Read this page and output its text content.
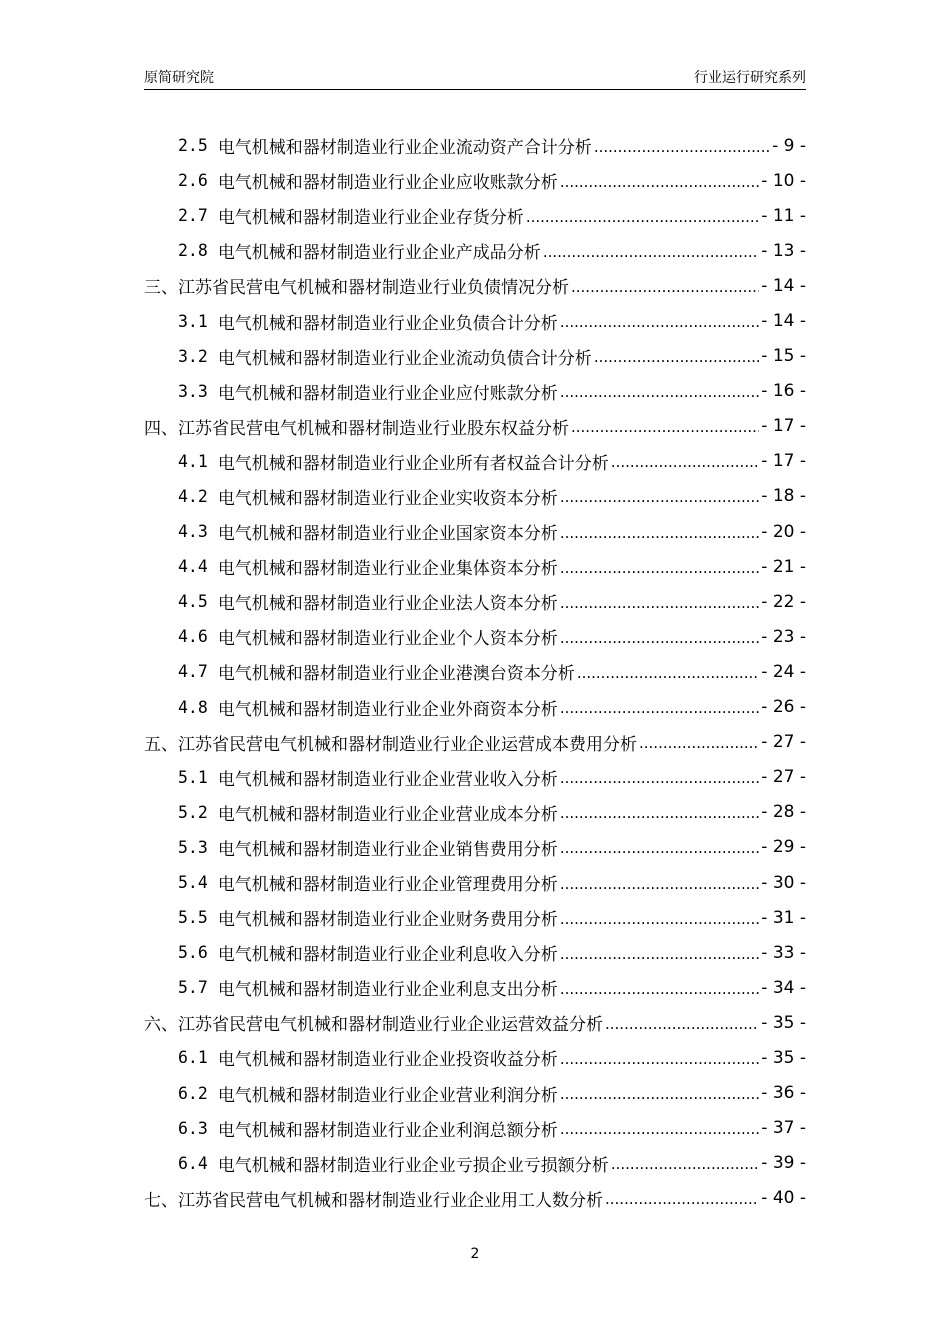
原简研究院	行业运行研究系列
2.5 电气机械和器材制造业行业企业流动资产合计分析 .....	- 9 -
2.6 电气机械和器材制造业行业企业应收账款分析 .....	- 10 -
2.7 电气机械和器材制造业行业企业存货分析 .....	- 11 -
2.8 电气机械和器材制造业行业企业产成品分析 .....	- 13 -
三、江苏省民营电气机械和器材制造业行业负债情况分析 .....	- 14 -
3.1 电气机械和器材制造业行业企业负债合计分析 .....	- 14 -
3.2 电气机械和器材制造业行业企业流动负债合计分析 .....	- 15 -
3.3 电气机械和器材制造业行业企业应付账款分析 .....	- 16 -
四、江苏省民营电气机械和器材制造业行业股东权益分析 .....	- 17 -
4.1 电气机械和器材制造业行业企业所有者权益合计分析 .....	- 17 -
4.2 电气机械和器材制造业行业企业实收资本分析 .....	- 18 -
4.3 电气机械和器材制造业行业企业国家资本分析 .....	- 20 -
4.4 电气机械和器材制造业行业企业集体资本分析 .....	- 21 -
4.5 电气机械和器材制造业行业企业法人资本分析 .....	- 22 -
4.6 电气机械和器材制造业行业企业个人资本分析 .....	- 23 -
4.7 电气机械和器材制造业行业企业港澳台资本分析 .....	- 24 -
4.8 电气机械和器材制造业行业企业外商资本分析 .....	- 26 -
五、江苏省民营电气机械和器材制造业行业企业运营成本费用分析 .....	- 27 -
5.1 电气机械和器材制造业行业企业营业收入分析 .....	- 27 -
5.2 电气机械和器材制造业行业企业营业成本分析 .....	- 28 -
5.3 电气机械和器材制造业行业企业销售费用分析 .....	- 29 -
5.4 电气机械和器材制造业行业企业管理费用分析 .....	- 30 -
5.5 电气机械和器材制造业行业企业财务费用分析 .....	- 31 -
5.6 电气机械和器材制造业行业企业利息收入分析 .....	- 33 -
5.7 电气机械和器材制造业行业企业利息支出分析 .....	- 34 -
六、江苏省民营电气机械和器材制造业行业企业运营效益分析 .....	- 35 -
6.1 电气机械和器材制造业行业企业投资收益分析 .....	- 35 -
6.2 电气机械和器材制造业行业企业营业利润分析 .....	- 36 -
6.3 电气机械和器材制造业行业企业利润总额分析 .....	- 37 -
6.4 电气机械和器材制造业行业企业亏损企业亏损额分析 .....	- 39 -
七、江苏省民营电气机械和器材制造业行业企业用工人数分析 .....	- 40 -
2
